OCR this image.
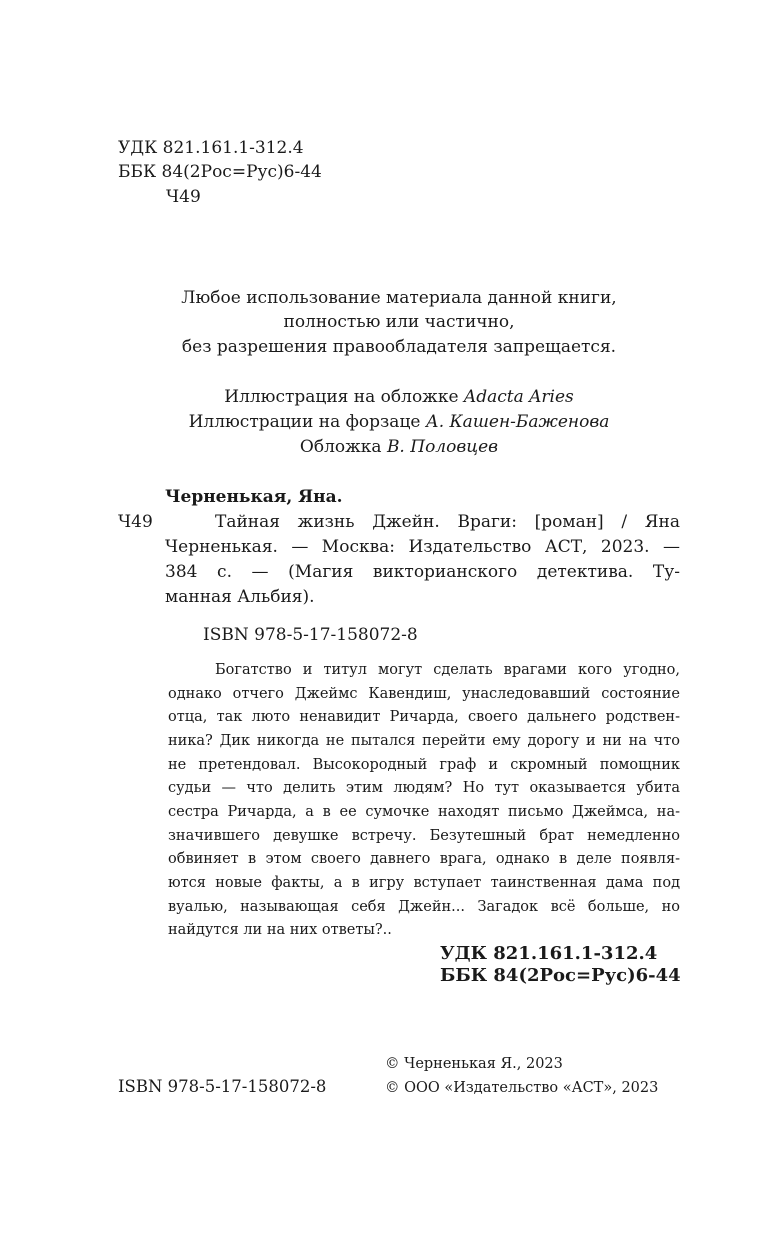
УДК 821.161.1-312.4
ББК 84(2Рос=Рус)6-44
Ч49
Любое использование материала данной книги,
полностью или частично,
без разрешения правообладателя запрещается.
Иллюстрация на обложке Adacta Aries
Иллюстрации на форзаце А. Кашен-Баженова
Обложка В. Половцев
Черненькая, Яна.
Ч49	Тайная жизнь Джейн. Враги: [роман] / Яна
Черненькая. — Москва: Издательство АСТ, 2023. —
384 с. — (Магия викторианского детектива. Ту-
манная Альбия).
ISBN 978-5-17-158072-8
Богатство и титул могут сделать врагами кого угодно,
однако отчего Джеймс Кавендиш, унаследовавший состояние
отца, так люто ненавидит Ричарда, своего дальнего родствен-
ника? Дик никогда не пытался перейти ему дорогу и ни на что
не претендовал. Высокородный граф и скромный помощник
судьи — что делить этим людям? Но тут оказывается убита
сестра Ричарда, а в ее сумочке находят письмо Джеймса, на-
значившего девушке встречу. Безутешный брат немедленно
обвиняет в этом своего давнего врага, однако в деле появля-
ются новые факты, а в игру вступает таинственная дама под
вуалью, называющая себя Джейн... Загадок всё больше, но
найдутся ли на них ответы?..
УДК 821.161.1-312.4
ББК 84(2Рос=Рус)6-44
© Черненькая Я., 2023
© ООО «Издательство «АСТ», 2023
ISBN 978-5-17-158072-8
